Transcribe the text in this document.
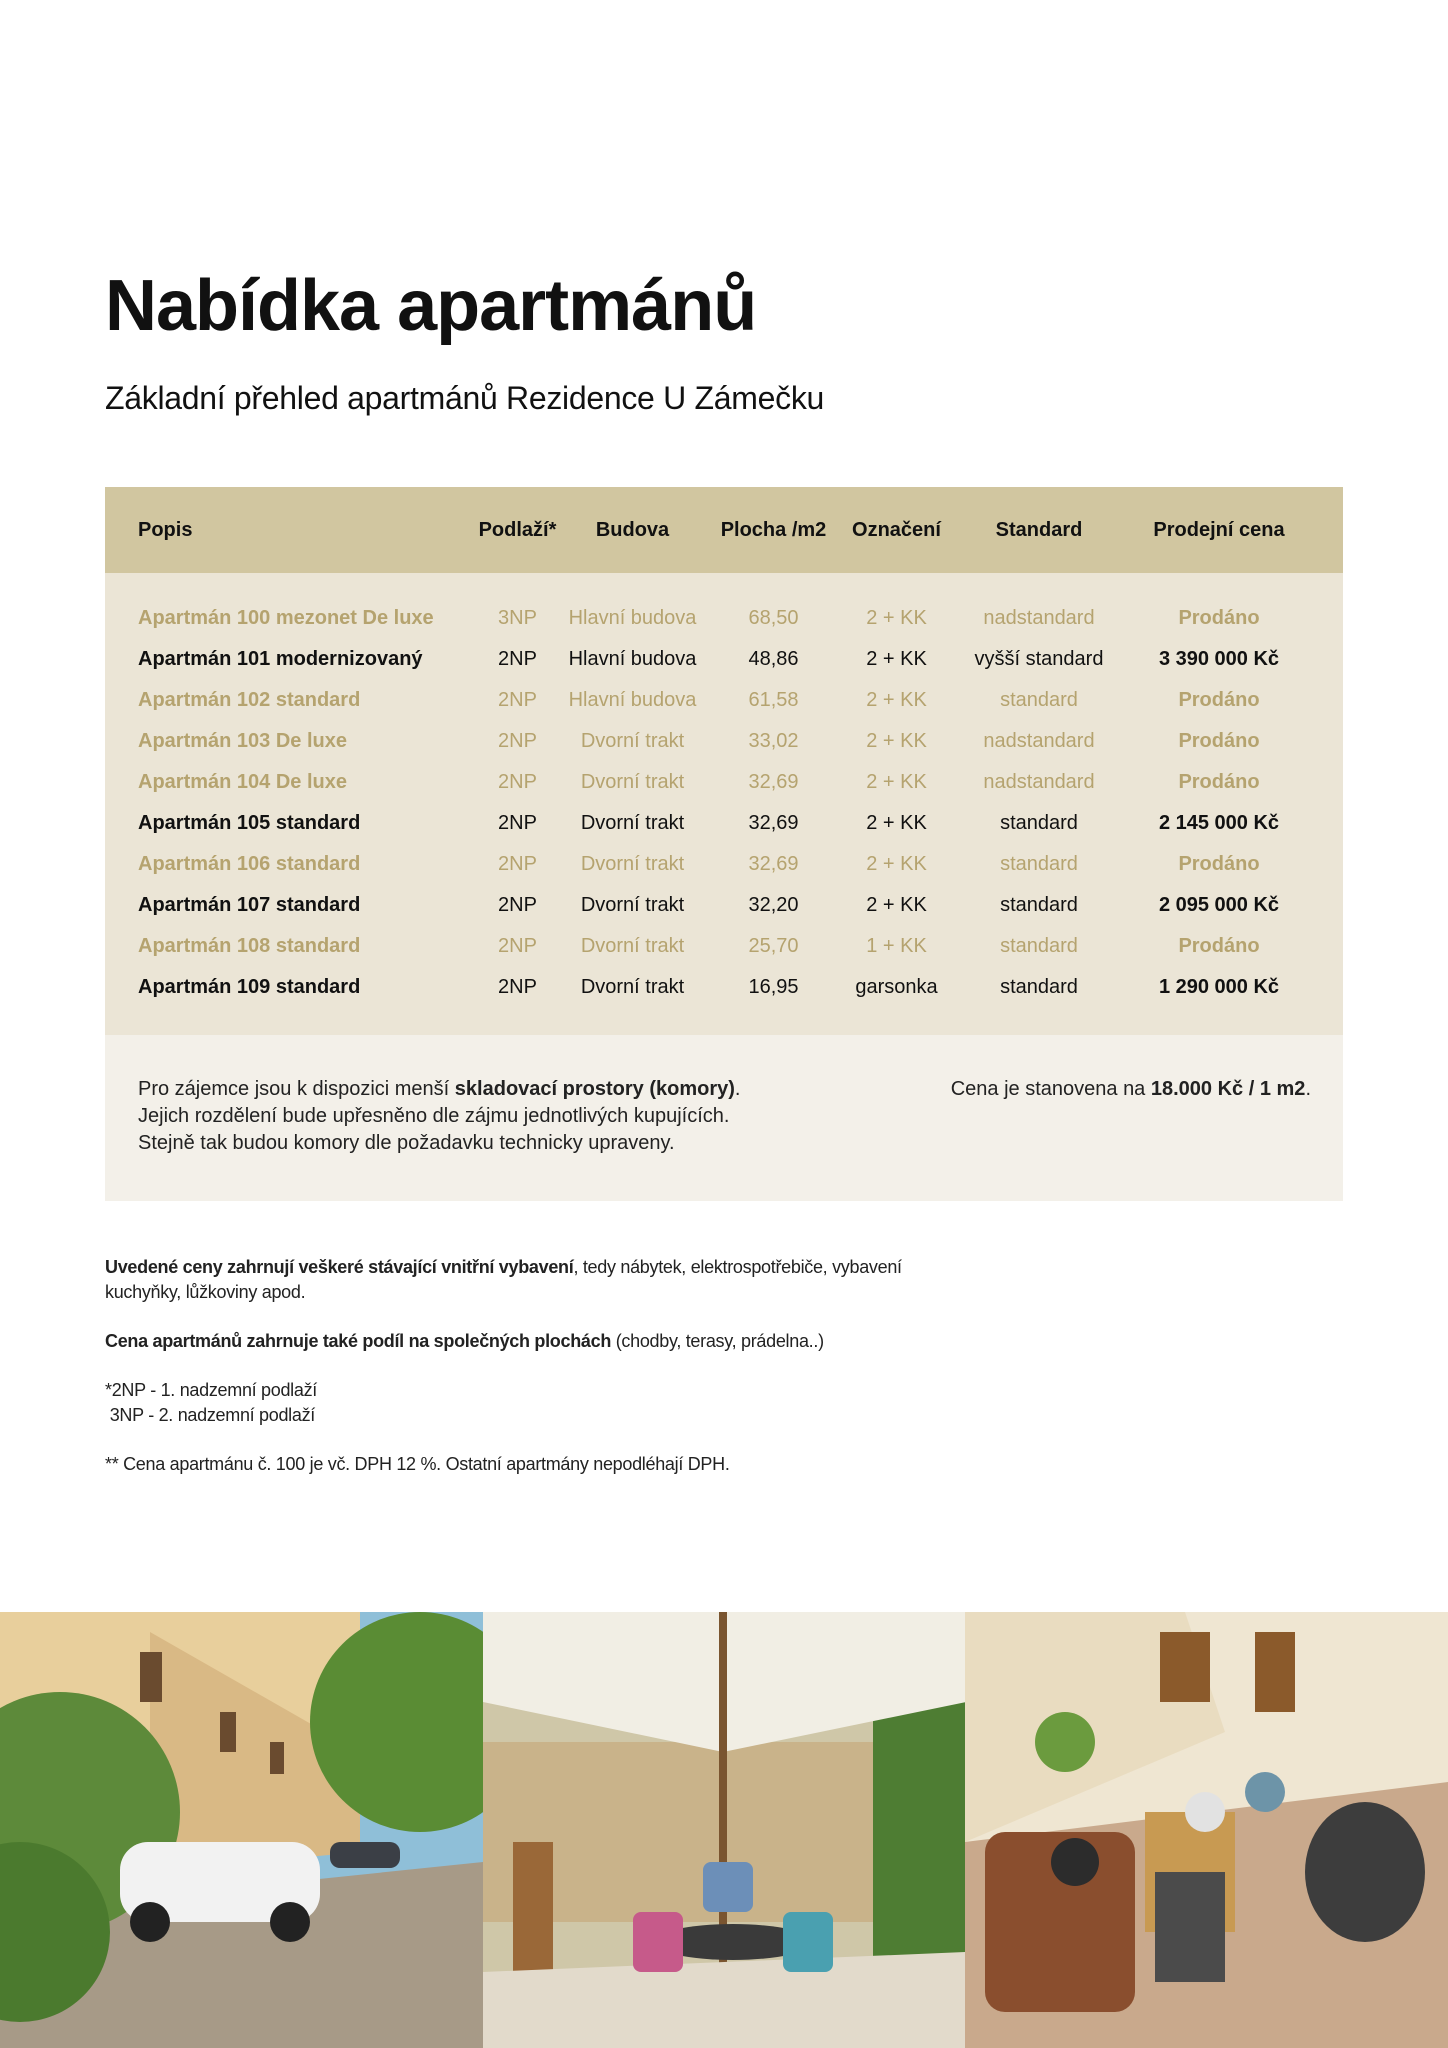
Nabídka apartmánů
Základní přehled apartmánů Rezidence U Zámečku
Popis	Podlaží*	Budova	Plocha /m2	Označení	Standard	Prodejní cena
Apartmán 100 mezonet De luxe	3NP	Hlavní budova	68,50	2 + KK	nadstandard	Prodáno
Apartmán 101 modernizovaný	2NP	Hlavní budova	48,86	2 + KK	vyšší standard	3 390 000 Kč
Apartmán 102 standard	2NP	Hlavní budova	61,58	2 + KK	standard	Prodáno
Apartmán 103 De luxe	2NP	Dvorní trakt	33,02	2 + KK	nadstandard	Prodáno
Apartmán 104 De luxe	2NP	Dvorní trakt	32,69	2 + KK	nadstandard	Prodáno
Apartmán 105 standard	2NP	Dvorní trakt	32,69	2 + KK	standard	2 145 000 Kč
Apartmán 106 standard	2NP	Dvorní trakt	32,69	2 + KK	standard	Prodáno
Apartmán 107 standard	2NP	Dvorní trakt	32,20	2 + KK	standard	2 095 000 Kč
Apartmán 108 standard	2NP	Dvorní trakt	25,70	1 + KK	standard	Prodáno
Apartmán 109 standard	2NP	Dvorní trakt	16,95	garsonka	standard	1 290 000 Kč
Pro zájemce jsou k dispozici menší skladovací prostory (komory).
Jejich rozdělení bude upřesněno dle zájmu jednotlivých kupujících.
Stejně tak budou komory dle požadavku technicky upraveny.
Cena je stanovena na 18.000 Kč / 1 m2.

Uvedené ceny zahrnují veškeré stávající vnitřní vybavení, tedy nábytek, elektrospotřebiče, vybavení

kuchyňky, lůžkoviny apod.

Cena apartmánů zahrnuje také podíl na společných plochách (chodby, terasy, prádelna..)

*2NP - 1. nadzemní podlaží

3NP - 2. nadzemní podlaží

** Cena apartmánu č. 100 je vč. DPH 12 %. Ostatní apartmány nepodléhají DPH.
